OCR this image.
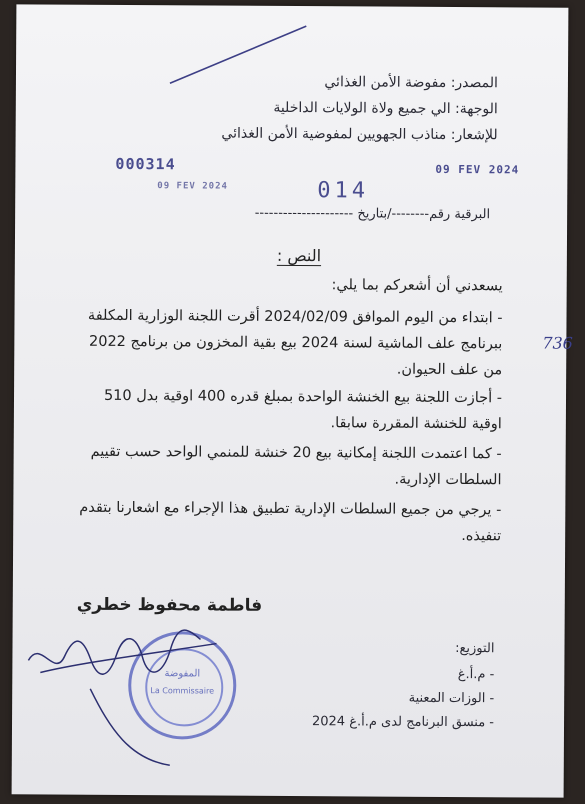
المصدر: مفوضة الأمن الغذائي
الوجهة: الي جميع ولاة الولايات الداخلية
للإشعار: مناذب الجهويين لمفوضية الأمن الغذائي
000314
09 FEV 2024
09 FEV 2024
014
البرقية رقم--------/بتاريخ ---------------------
النص :
يسعدني أن أشعركم بما يلي:
- ابتداء من اليوم الموافق 2024/02/09 أقرت اللجنة الوزارية المكلفة ببرنامج علف الماشية لسنة 2024 بيع بقية المخزون من برنامج 2022 من علف الحيوان.
- أجازت اللجنة بيع الخنشة الواحدة بمبلغ قدره 400 اوقية بدل 510 اوقية للخنشة المقررة سابقا.
- كما اعتمدت اللجنة إمكانية بيع 20 خنشة للمنمي الواحد حسب تقييم السلطات الإدارية.
- يرجي من جميع السلطات الإدارية تطبيق هذا الإجراء مع اشعارنا بتقدم تنفيذه.
736
فاطمة محفوظ خطري
المفوضة
La Commissaire
التوزيع:
- م.أ.غ
- الوزات المعنية
- منسق البرنامج لدى م.أ.غ 2024
